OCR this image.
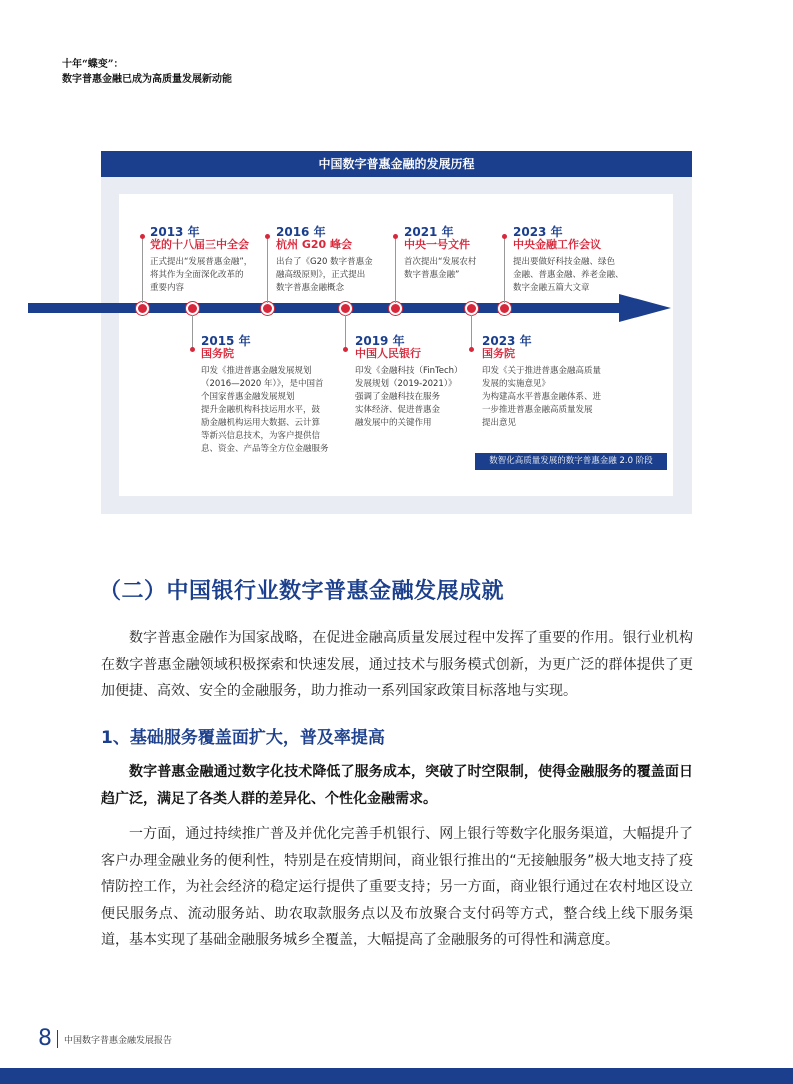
十年“蝶变”：
数字普惠金融已成为高质量发展新动能
中国数字普惠金融的发展历程
2013 年
党的十八届三中全会
正式提出“发展普惠金融”，
将其作为全面深化改革的
重要内容
2016 年
杭州 G20 峰会
出台了《G20 数字普惠金
融高级原则》，正式提出
数字普惠金融概念
2021 年
中央一号文件
首次提出“发展农村
数字普惠金融”
2023 年
中央金融工作会议
提出要做好科技金融、绿色
金融、普惠金融、养老金融、
数字金融五篇大文章
2015 年
国务院
印发《推进普惠金融发展规划
（2016—2020 年）》，是中国首
个国家普惠金融发展规划
提升金融机构科技运用水平，鼓
励金融机构运用大数据、云计算
等新兴信息技术，为客户提供信
息、资金、产品等全方位金融服务
2019 年
中国人民银行
印发《金融科技（FinTech）
发展规划（2019-2021）》
强调了金融科技在服务
实体经济、促进普惠金
融发展中的关键作用
2023 年
国务院
印发《关于推进普惠金融高质量
发展的实施意见》
为构建高水平普惠金融体系、进
一步推进普惠金融高质量发展
提出意见
数智化高质量发展的数字普惠金融 2.0 阶段
（二）中国银行业数字普惠金融发展成就
数字普惠金融作为国家战略，在促进金融高质量发展过程中发挥了重要的作用。银行业机构在数字普惠金融领域积极探索和快速发展，通过技术与服务模式创新，为更广泛的群体提供了更加便捷、高效、安全的金融服务，助力推动一系列国家政策目标落地与实现。
1、基础服务覆盖面扩大，普及率提高
数字普惠金融通过数字化技术降低了服务成本，突破了时空限制，使得金融服务的覆盖面日趋广泛，满足了各类人群的差异化、个性化金融需求。
一方面，通过持续推广普及并优化完善手机银行、网上银行等数字化服务渠道，大幅提升了客户办理金融业务的便利性，特别是在疫情期间，商业银行推出的“无接触服务”极大地支持了疫情防控工作，为社会经济的稳定运行提供了重要支持；另一方面，商业银行通过在农村地区设立便民服务点、流动服务站、助农取款服务点以及布放聚合支付码等方式，整合线上线下服务渠道，基本实现了基础金融服务城乡全覆盖，大幅提高了金融服务的可得性和满意度。
8 中国数字普惠金融发展报告
